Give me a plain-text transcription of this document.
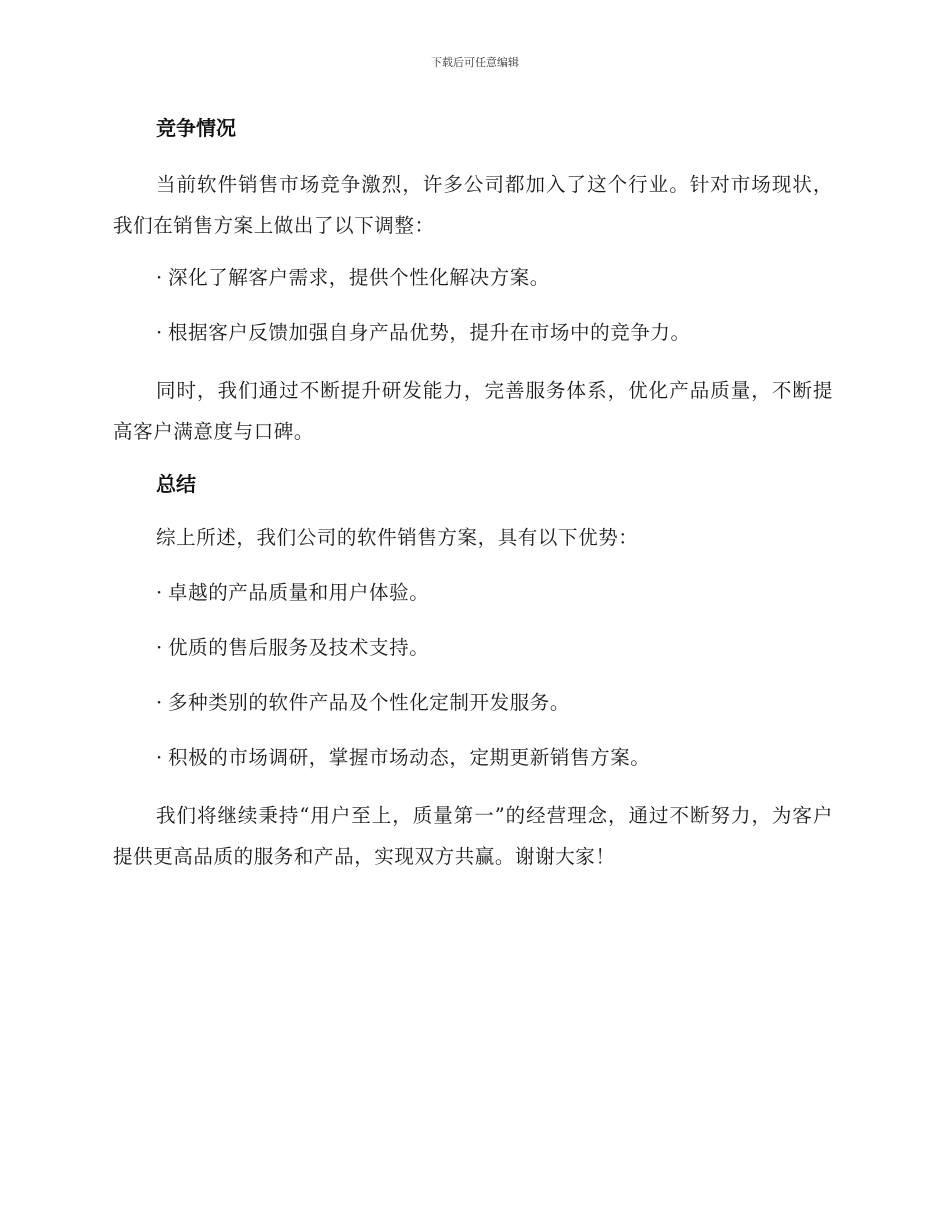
下载后可任意编辑
竞争情况

当前软件销售市场竞争激烈，许多公司都加入了这个行业。针对市场现状，我们在销售方案上做出了以下调整：

· 深化了解客户需求，提供个性化解决方案。
· 根据客户反馈加强自身产品优势，提升在市场中的竞争力。

同时，我们通过不断提升研发能力，完善服务体系，优化产品质量，不断提高客户满意度与口碑。

总结
综上所述，我们公司的软件销售方案，具有以下优势：
· 卓越的产品质量和用户体验。
· 优质的售后服务及技术支持。
· 多种类别的软件产品及个性化定制开发服务。
· 积极的市场调研，掌握市场动态，定期更新销售方案。

我们将继续秉持“用户至上，质量第一”的经营理念，通过不断努力，为客户提供更高品质的服务和产品，实现双方共赢。谢谢大家！
